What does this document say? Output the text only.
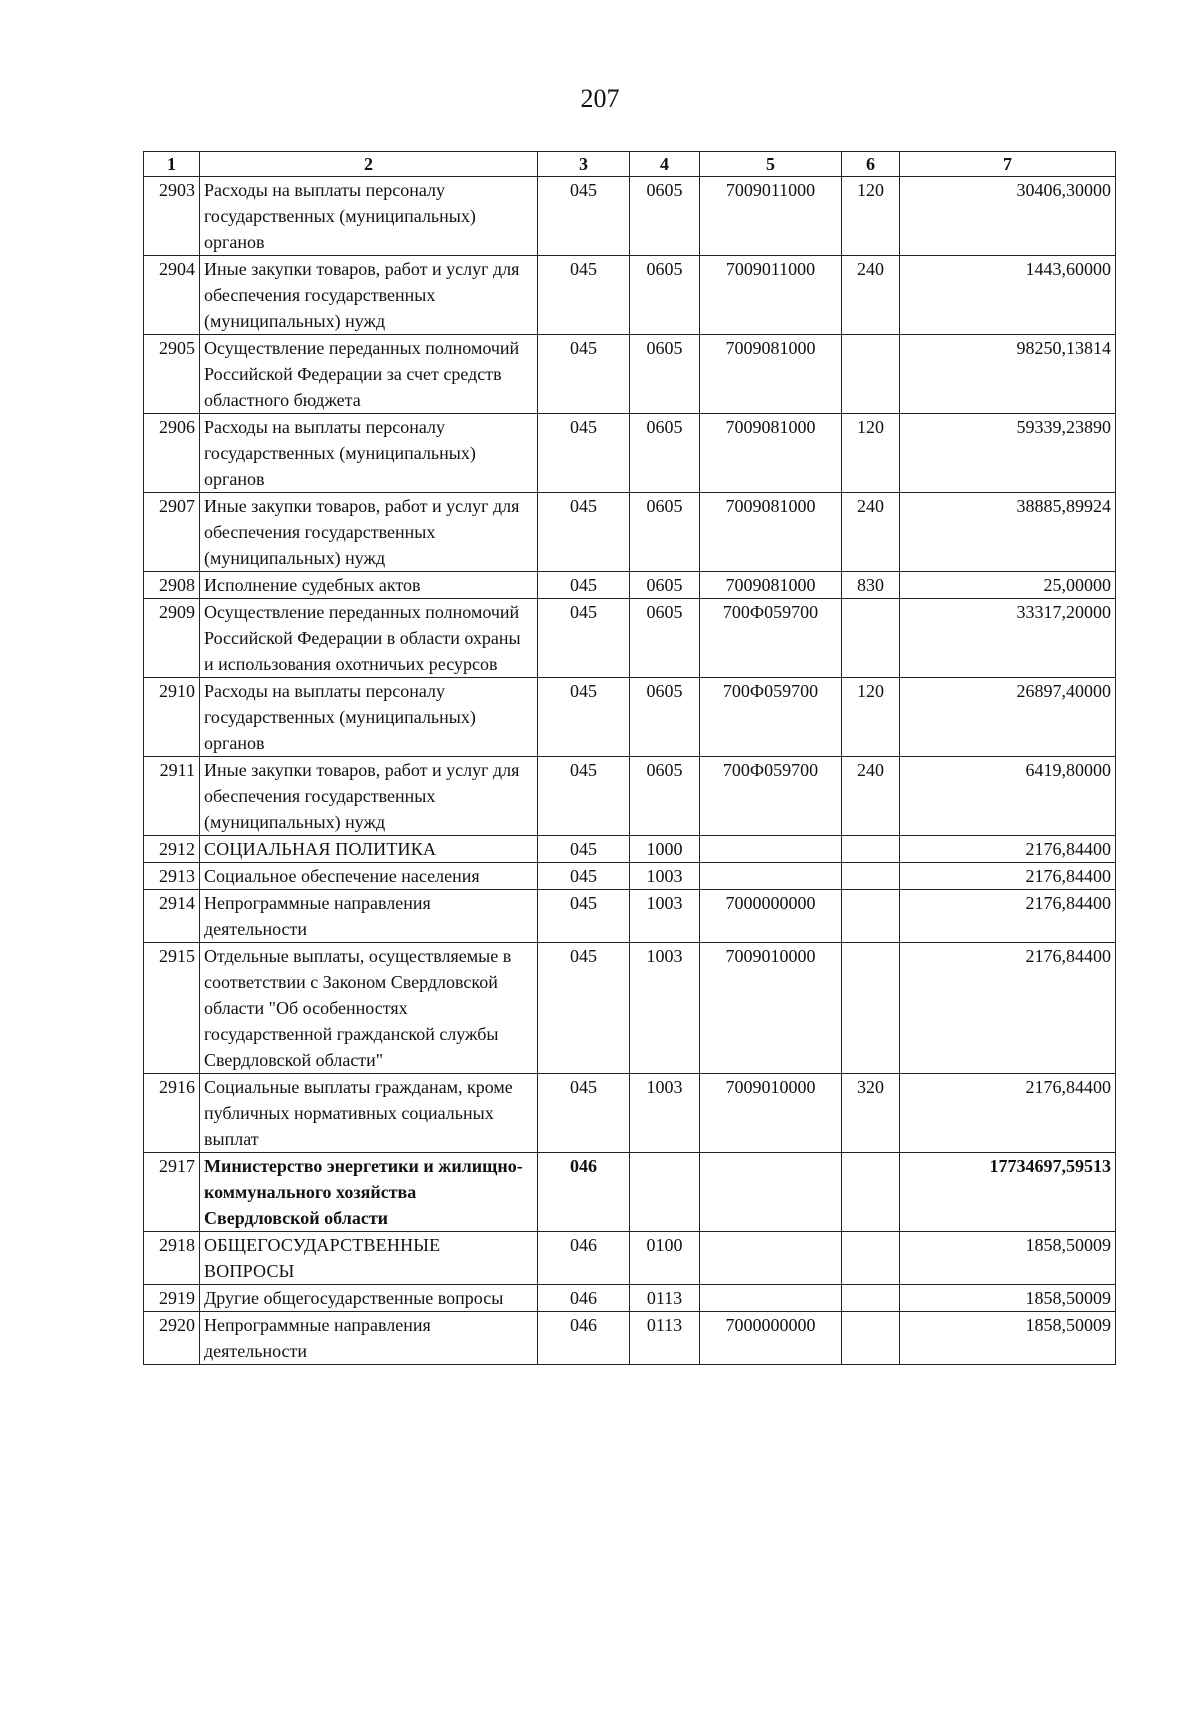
207
1	2	3	4	5	6	7
2903	Расходы на выплаты персоналу государственных (муниципальных) органов	045	0605	7009011000	120	30406,30000
2904	Иные закупки товаров, работ и услуг для обеспечения государственных (муниципальных) нужд	045	0605	7009011000	240	1443,60000
2905	Осуществление переданных полномочий Российской Федерации за счет средств областного бюджета	045	0605	7009081000		98250,13814
2906	Расходы на выплаты персоналу государственных (муниципальных) органов	045	0605	7009081000	120	59339,23890
2907	Иные закупки товаров, работ и услуг для обеспечения государственных (муниципальных) нужд	045	0605	7009081000	240	38885,89924
2908	Исполнение судебных актов	045	0605	7009081000	830	25,00000
2909	Осуществление переданных полномочий Российской Федерации в области охраны и использования охотничьих ресурсов	045	0605	700Ф059700		33317,20000
2910	Расходы на выплаты персоналу государственных (муниципальных) органов	045	0605	700Ф059700	120	26897,40000
2911	Иные закупки товаров, работ и услуг для обеспечения государственных (муниципальных) нужд	045	0605	700Ф059700	240	6419,80000
2912	СОЦИАЛЬНАЯ ПОЛИТИКА	045	1000			2176,84400
2913	Социальное обеспечение населения	045	1003			2176,84400
2914	Непрограммные направления деятельности	045	1003	7000000000		2176,84400
2915	Отдельные выплаты, осуществляемые в соответствии с Законом Свердловской области "Об особенностях государственной гражданской службы Свердловской области"	045	1003	7009010000		2176,84400
2916	Социальные выплаты гражданам, кроме публичных нормативных социальных выплат	045	1003	7009010000	320	2176,84400
2917	Министерство энергетики и жилищно-коммунального хозяйства Свердловской области	046				17734697,59513
2918	ОБЩЕГОСУДАРСТВЕННЫЕ ВОПРОСЫ	046	0100			1858,50009
2919	Другие общегосударственные вопросы	046	0113			1858,50009
2920	Непрограммные направления деятельности	046	0113	7000000000		1858,50009
